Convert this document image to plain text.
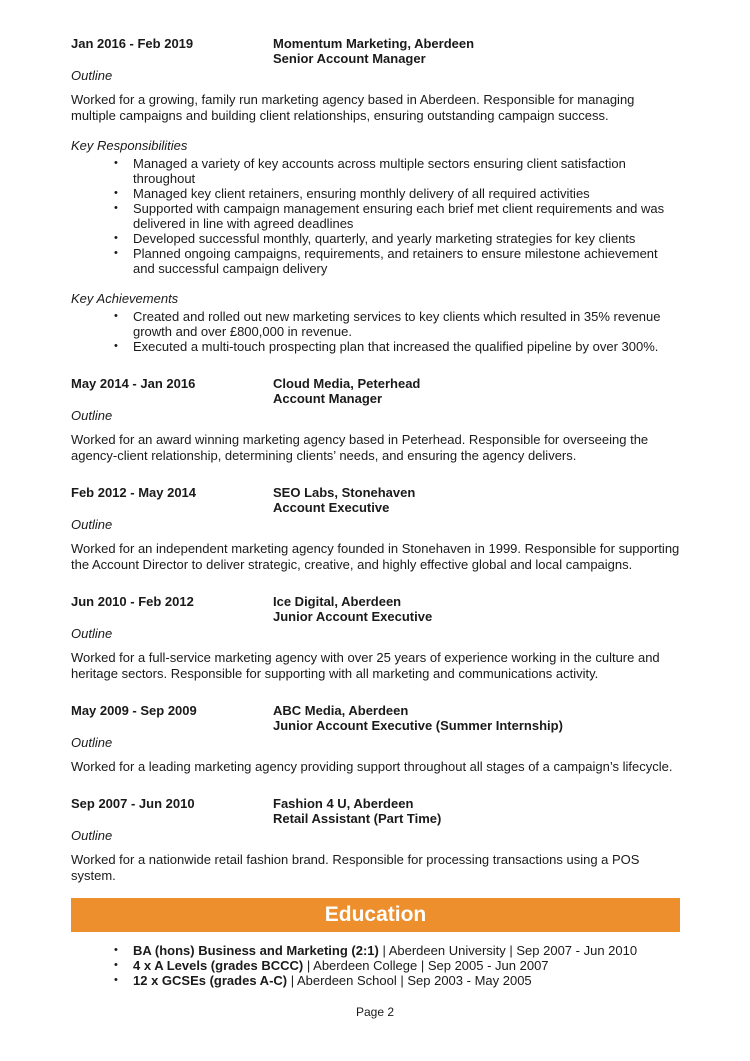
Jan 2016 - Feb 2019	Momentum Marketing, Aberdeen
Senior Account Manager
Outline
Worked for a growing, family run marketing agency based in Aberdeen. Responsible for managing multiple campaigns and building client relationships, ensuring outstanding campaign success.
Key Responsibilities
• Managed a variety of key accounts across multiple sectors ensuring client satisfaction throughout
• Managed key client retainers, ensuring monthly delivery of all required activities
• Supported with campaign management ensuring each brief met client requirements and was delivered in line with agreed deadlines
• Developed successful monthly, quarterly, and yearly marketing strategies for key clients
• Planned ongoing campaigns, requirements, and retainers to ensure milestone achievement and successful campaign delivery
Key Achievements
• Created and rolled out new marketing services to key clients which resulted in 35% revenue growth and over £800,000 in revenue.
• Executed a multi-touch prospecting plan that increased the qualified pipeline by over 300%.
May 2014 - Jan 2016	Cloud Media, Peterhead
Account Manager
Outline
Worked for an award winning marketing agency based in Peterhead. Responsible for overseeing the agency-client relationship, determining clients’ needs, and ensuring the agency delivers.
Feb 2012 - May 2014	SEO Labs, Stonehaven
Account Executive
Outline
Worked for an independent marketing agency founded in Stonehaven in 1999. Responsible for supporting the Account Director to deliver strategic, creative, and highly effective global and local campaigns.
Jun 2010 - Feb 2012	Ice Digital, Aberdeen
Junior Account Executive
Outline
Worked for a full-service marketing agency with over 25 years of experience working in the culture and heritage sectors. Responsible for supporting with all marketing and communications activity.
May 2009 - Sep 2009	ABC Media, Aberdeen
Junior Account Executive (Summer Internship)
Outline
Worked for a leading marketing agency providing support throughout all stages of a campaign’s lifecycle.
Sep 2007 - Jun 2010	Fashion 4 U, Aberdeen
Retail Assistant (Part Time)
Outline
Worked for a nationwide retail fashion brand. Responsible for processing transactions using a POS system.
Education
• BA (hons) Business and Marketing (2:1) | Aberdeen University | Sep 2007 - Jun 2010
• 4 x A Levels (grades BCCC) | Aberdeen College | Sep 2005 - Jun 2007
• 12 x GCSEs (grades A-C) | Aberdeen School | Sep 2003 - May 2005
Page 2
